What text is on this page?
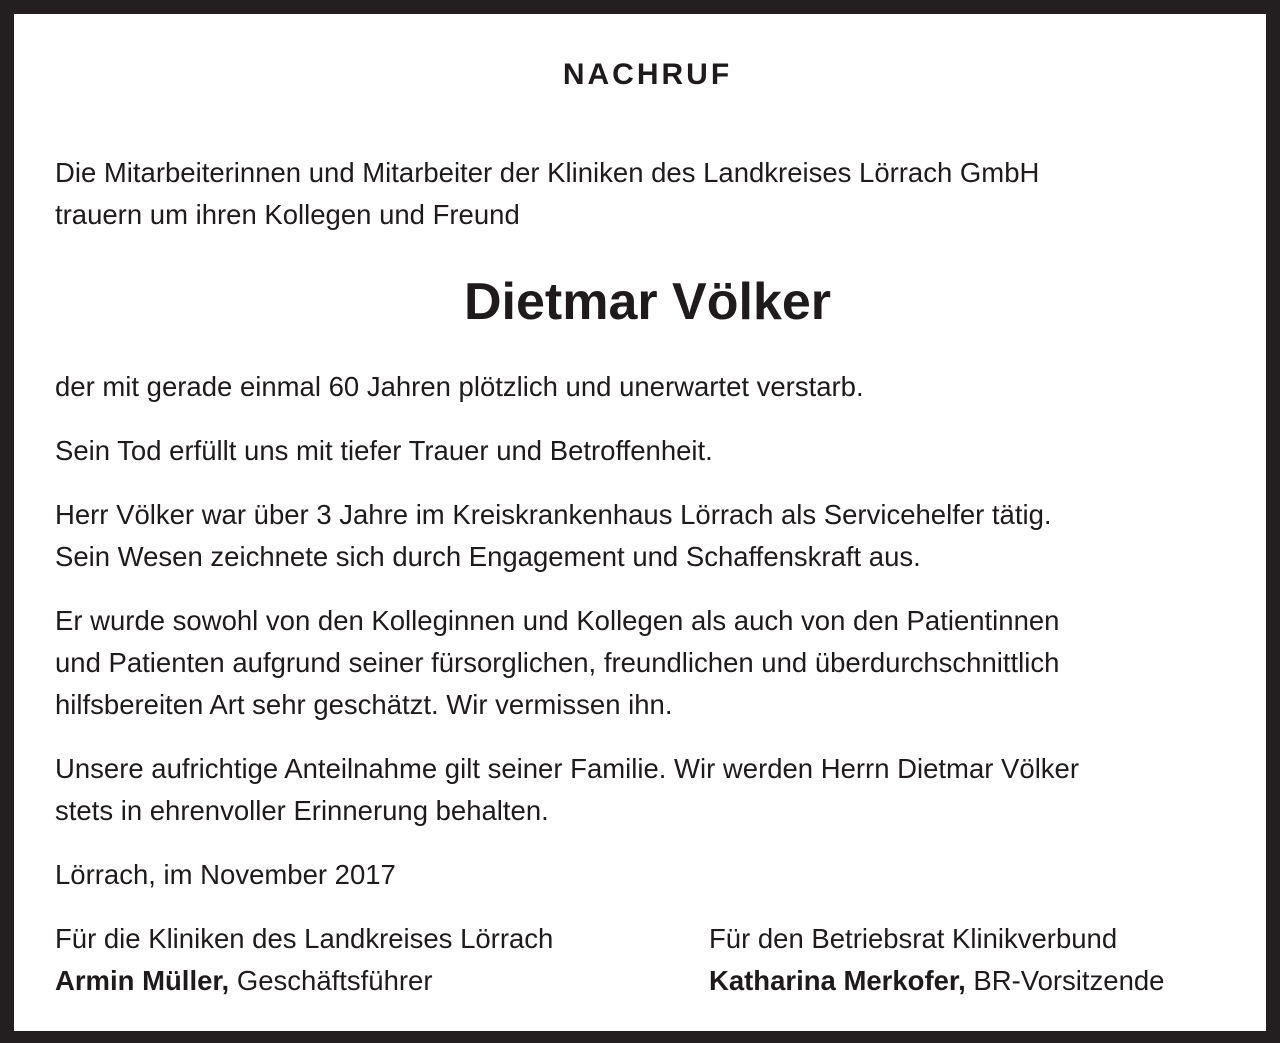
NACHRUF

Die Mitarbeiterinnen und Mitarbeiter der Kliniken des Landkreises Lörrach GmbH
trauern um ihren Kollegen und Freund

Dietmar Völker

der mit gerade einmal 60 Jahren plötzlich und unerwartet verstarb.

Sein Tod erfüllt uns mit tiefer Trauer und Betroffenheit.

Herr Völker war über 3 Jahre im Kreiskrankenhaus Lörrach als Servicehelfer tätig.
Sein Wesen zeichnete sich durch Engagement und Schaffenskraft aus.

Er wurde sowohl von den Kolleginnen und Kollegen als auch von den Patientinnen
und Patienten aufgrund seiner fürsorglichen, freundlichen und überdurchschnittlich
hilfsbereiten Art sehr geschätzt. Wir vermissen ihn.

Unsere aufrichtige Anteilnahme gilt seiner Familie. Wir werden Herrn Dietmar Völker
stets in ehrenvoller Erinnerung behalten.

Lörrach, im November 2017

Für die Kliniken des Landkreises Lörrach
Armin Müller, Geschäftsführer
Für den Betriebsrat Klinikverbund
Katharina Merkofer, BR-Vorsitzende
